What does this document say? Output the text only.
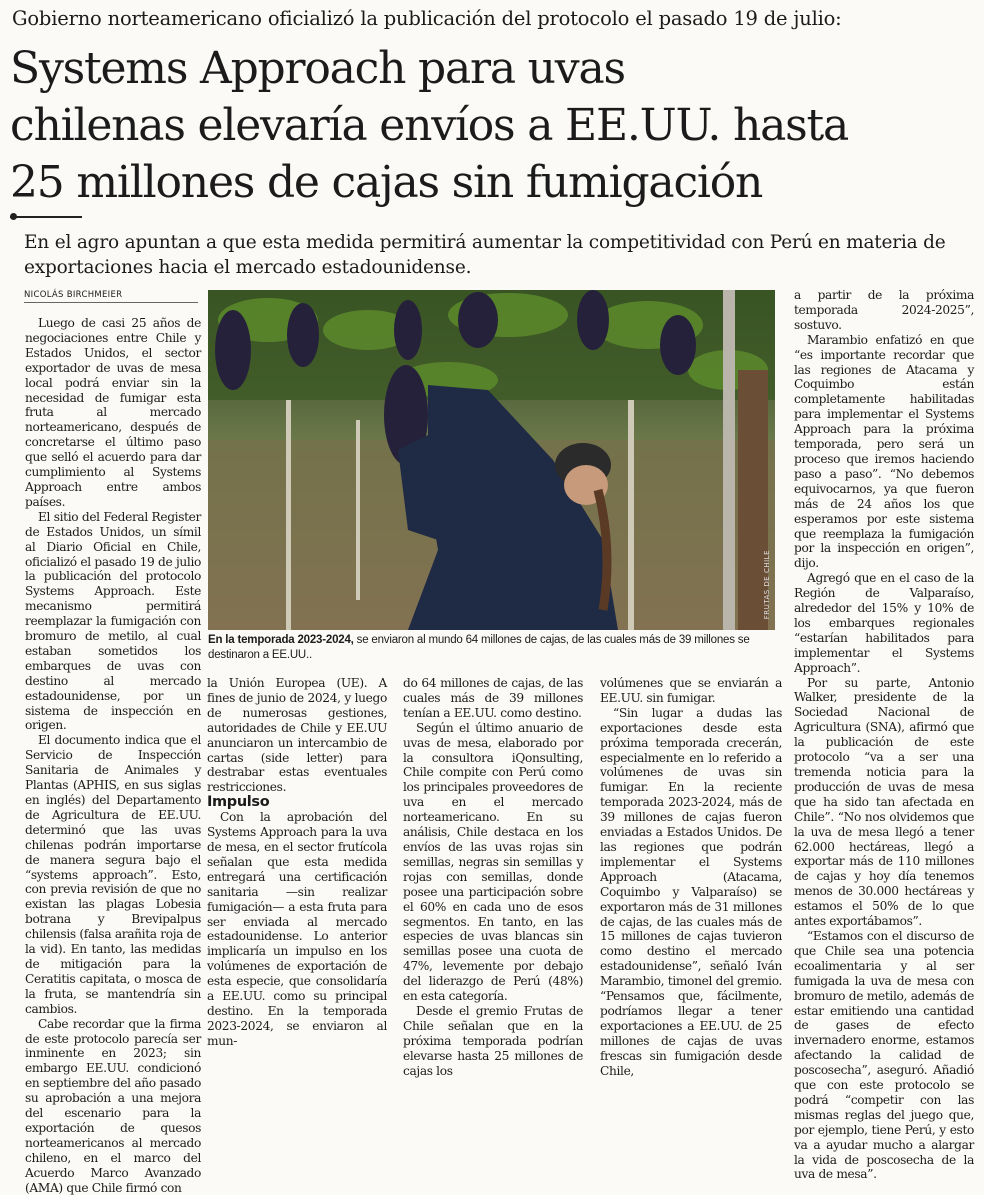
Gobierno norteamericano oficializó la publicación del protocolo el pasado 19 de julio:
Systems Approach para uvas
chilenas elevaría envíos a EE.UU. hasta
25 millones de cajas sin fumigación
En el agro apuntan a que esta medida permitirá aumentar la competitividad con Perú en materia de exportaciones hacia el mercado estadounidense.
NICOLÁS BIRCHMEIER

Luego de casi 25 años de negociaciones entre Chile y Estados Unidos, el sector exportador de uvas de mesa local podrá enviar sin la necesidad de fumigar esta fruta al mercado norteamericano, después de concretarse el último paso que selló el acuerdo para dar cumplimiento al Systems Approach entre ambos países.

El sitio del Federal Register de Estados Unidos, un símil al Diario Oficial en Chile, oficializó el pasado 19 de julio la publicación del protocolo Systems Approach. Este mecanismo permitirá reemplazar la fumigación con bromuro de metilo, al cual estaban sometidos los embarques de uvas con destino al mercado estadounidense, por un sistema de inspección en origen.

El documento indica que el Servicio de Inspección Sanitaria de Animales y Plantas (APHIS, en sus siglas en inglés) del Departamento de Agricultura de EE.UU. determinó que las uvas chilenas podrán importarse de manera segura bajo el “systems approach”. Esto, con previa revisión de que no existan las plagas Lobesia botrana y Brevipalpus chilensis (falsa arañita roja de la vid). En tanto, las medidas de mitigación para la Ceratitis capitata, o mosca de la fruta, se mantendría sin cambios.

Cabe recordar que la firma de este protocolo parecía ser inminente en 2023; sin embargo EE.UU. condicionó en septiembre del año pasado su aprobación a una mejora del escenario para la exportación de quesos norteamericanos al mercado chileno, en el marco del Acuerdo Marco Avanzado (AMA) que Chile firmó con

FRUTAS DE CHILE
En la temporada 2023-2024, se enviaron al mundo 64 millones de cajas, de las cuales más de 39 millones se destinaron a EE.UU..

la Unión Europea (UE). A fines de junio de 2024, y luego de numerosas gestiones, autoridades de Chile y EE.UU anunciaron un intercambio de cartas (side letter) para destrabar estas eventuales restricciones.

Impulso

Con la aprobación del Systems Approach para la uva de mesa, en el sector frutícola señalan que esta medida entregará una certificación sanitaria —sin realizar fumigación— a esta fruta para ser enviada al mercado estadounidense. Lo anterior implicaría un impulso en los volúmenes de exportación de esta especie, que consolidaría a EE.UU. como su principal destino. En la temporada 2023-2024, se enviaron al mun-

do 64 millones de cajas, de las cuales más de 39 millones tenían a EE.UU. como destino.

Según el último anuario de uvas de mesa, elaborado por la consultora iQonsulting, Chile compite con Perú como los principales proveedores de uva en el mercado norteamericano. En su análisis, Chile destaca en los envíos de las uvas rojas sin semillas, negras sin semillas y rojas con semillas, donde posee una participación sobre el 60% en cada uno de esos segmentos. En tanto, en las especies de uvas blancas sin semillas posee una cuota de 47%, levemente por debajo del liderazgo de Perú (48%) en esta categoría.

Desde el gremio Frutas de Chile señalan que en la próxima temporada podrían elevarse hasta 25 millones de cajas los

volúmenes que se enviarán a EE.UU. sin fumigar.

“Sin lugar a dudas las exportaciones desde esta próxima temporada crecerán, especialmente en lo referido a volúmenes de uvas sin fumigar. En la reciente temporada 2023-2024, más de 39 millones de cajas fueron enviadas a Estados Unidos. De las regiones que podrán implementar el Systems Approach (Atacama, Coquimbo y Valparaíso) se exportaron más de 31 millones de cajas, de las cuales más de 15 millones de cajas tuvieron como destino el mercado estadounidense”, señaló Iván Marambio, timonel del gremio. “Pensamos que, fácilmente, podríamos llegar a tener exportaciones a EE.UU. de 25 millones de cajas de uvas frescas sin fumigación desde Chile,

a partir de la próxima temporada 2024-2025”, sostuvo.

Marambio enfatizó en que “es importante recordar que las regiones de Atacama y Coquimbo están completamente habilitadas para implementar el Systems Approach para la próxima temporada, pero será un proceso que iremos haciendo paso a paso”. “No debemos equivocarnos, ya que fueron más de 24 años los que esperamos por este sistema que reemplaza la fumigación por la inspección en origen”, dijo.

Agregó que en el caso de la Región de Valparaíso, alrededor del 15% y 10% de los embarques regionales “estarían habilitados para implementar el Systems Approach”.

Por su parte, Antonio Walker, presidente de la Sociedad Nacional de Agricultura (SNA), afirmó que la publicación de este protocolo “va a ser una tremenda noticia para la producción de uvas de mesa que ha sido tan afectada en Chile”. “No nos olvidemos que la uva de mesa llegó a tener 62.000 hectáreas, llegó a exportar más de 110 millones de cajas y hoy día tenemos menos de 30.000 hectáreas y estamos el 50% de lo que antes exportábamos”.

“Estamos con el discurso de que Chile sea una potencia ecoalimentaria y al ser fumigada la uva de mesa con bromuro de metilo, además de estar emitiendo una cantidad de gases de efecto invernadero enorme, estamos afectando la calidad de poscosecha”, aseguró. Añadió que con este protocolo se podrá “competir con las mismas reglas del juego que, por ejemplo, tiene Perú, y esto va a ayudar mucho a alargar la vida de poscosecha de la uva de mesa”.
